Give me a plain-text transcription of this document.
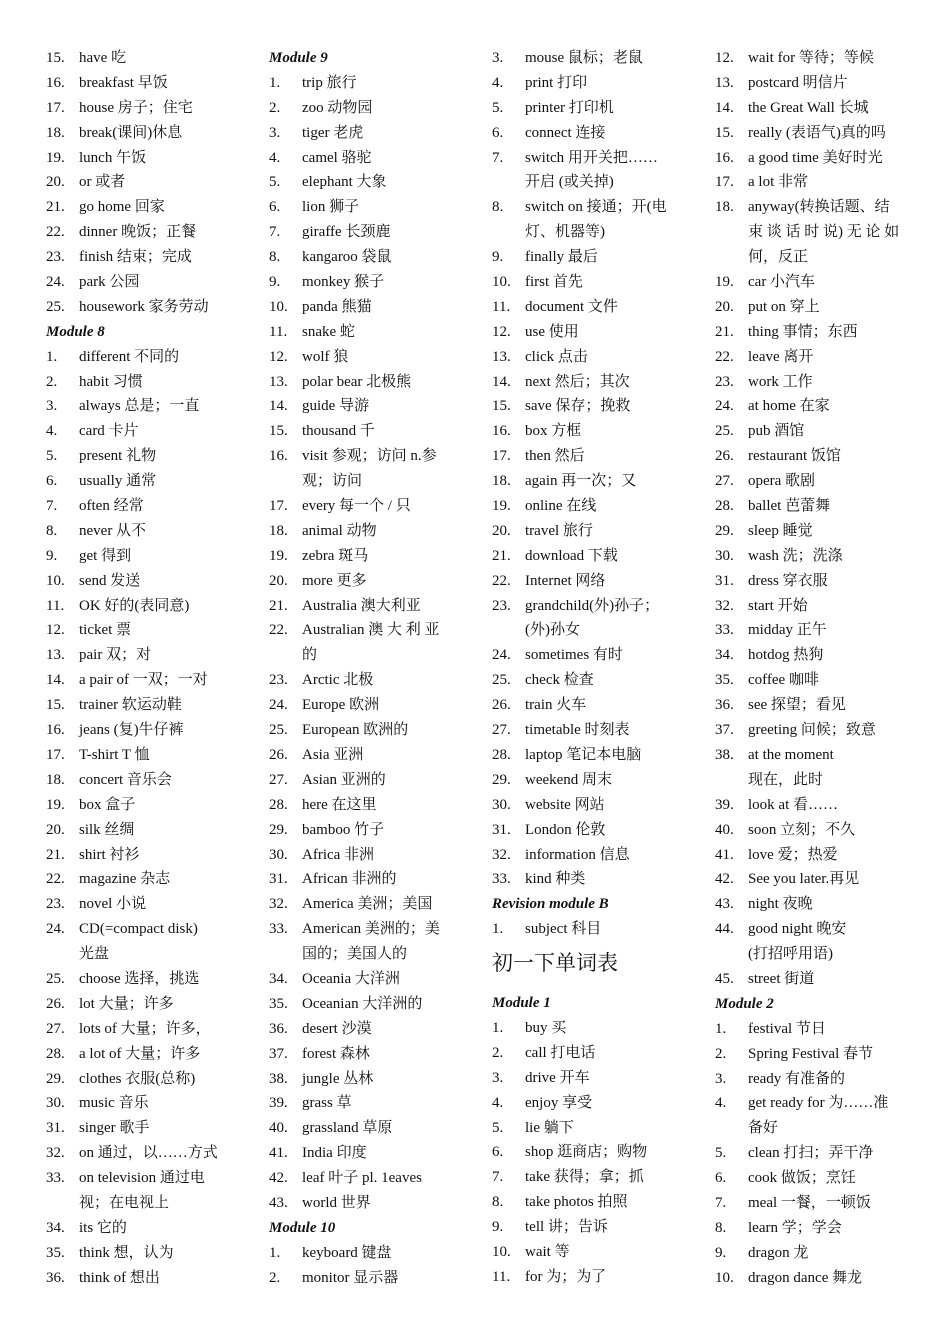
15. have 吃
16. breakfast 早饭
17. house 房子；住宅
18. break(课间)休息
19. lunch 午饭
20. or 或者
21. go home 回家
22. dinner 晚饭；正餐
23. finish 结束；完成
24. park 公园
25. housework 家务劳动
Module 8
1.	different 不同的
2.	habit 习惯
3.	always 总是；一直
4.	card 卡片
5.	present 礼物
6.	usually 通常
7.	often 经常
8.	never 从不
9.	get 得到
10. send 发送
11. OK 好的(表同意)
12. ticket 票
13. pair 双；对
14. a pair of 一双；一对
15. trainer 软运动鞋
16. jeans (复)牛仔裤
17. T-shirt T 恤
18. concert 音乐会
19. box 盒子
20. silk 丝绸
21. shirt 衬衫
22. magazine 杂志
23. novel 小说
24. CD(=compact disk)
光盘
25. choose 选择，挑选
26. lot 大量；许多
27. lots of 大量；许多，
28. a lot of 大量；许多
29. clothes 衣服(总称)
30. music 音乐
31. singer 歌手
32. on 通过，以……方式
33. on television 通过电
视；在电视上
34. its 它的
35. think 想，认为
36. think of 想出
Module 9
1.	trip 旅行
2.	zoo 动物园
3.	tiger 老虎
4.	camel 骆驼
5.	elephant 大象
6.	lion 狮子
7.	giraffe 长颈鹿
8.	kangaroo 袋鼠
9.	monkey 猴子
10. panda 熊猫
11. snake 蛇
12. wolf 狼
13. polar bear 北极熊
14. guide 导游
15. thousand 千
16. visit 参观；访问 n.参
观；访问
17. every 每一个 / 只
18. animal 动物
19. zebra 斑马
20. more 更多
21. Australia 澳大利亚
22. Australian 澳 大 利 亚
的
23. Arctic 北极
24. Europe 欧洲
25. European 欧洲的
26. Asia 亚洲
27. Asian 亚洲的
28. here 在这里
29. bamboo 竹子
30. Africa 非洲
31. African 非洲的
32. America 美洲；美国
33. American 美洲的；美
国的；美国人的
34. Oceania 大洋洲
35. Oceanian 大洋洲的
36. desert 沙漠
37. forest 森林
38. jungle 丛林
39. grass 草
40. grassland 草原
41. India 印度
42. leaf 叶子 pl. 1eaves
43. world 世界
Module 10
1.	keyboard 键盘
2.	monitor 显示器
3.	mouse 鼠标；老鼠
4.	print 打印
5.	printer 打印机
6.	connect 连接
7.	switch 用开关把……
开启 (或关掉)
8.	switch on 接通；开(电
灯、机器等)
9.	finally 最后
10. first 首先
11. document 文件
12. use 使用
13. click 点击
14. next 然后；其次
15. save 保存；挽救
16. box 方框
17. then 然后
18. again 再一次；又
19. online 在线
20. travel 旅行
21. download 下载
22. Internet 网络
23. grandchild(外)孙子；
(外)孙女
24. sometimes 有时
25. check 检查
26. train 火车
27. timetable 时刻表
28. laptop 笔记本电脑
29. weekend 周末
30. website 网站
31. London 伦敦
32. information 信息
33. kind 种类
Revision module B
1.	subject 科目
初一下单词表
Module 1
1.	buy 买
2.	call 打电话
3.	drive 开车
4.	enjoy 享受
5.	lie 躺下
6.	shop 逛商店；购物
7.	take 获得；拿；抓
8.	take photos 拍照
9.	tell 讲；告诉
10. wait 等
11. for 为；为了
12. wait for 等待；等候
13. postcard 明信片
14. the Great Wall 长城
15. really (表语气)真的吗
16. a good time 美好时光
17. a lot 非常
18. anyway(转换话题、结
束 谈 话 时 说) 无 论 如
何，反正
19. car 小汽车
20. put on 穿上
21. thing 事情；东西
22. leave 离开
23. work 工作
24. at home 在家
25. pub 酒馆
26. restaurant 饭馆
27. opera 歌剧
28. ballet 芭蕾舞
29. sleep 睡觉
30. wash 洗；洗涤
31. dress 穿衣服
32. start 开始
33. midday 正午
34. hotdog 热狗
35. coffee 咖啡
36. see 探望；看见
37. greeting 问候；致意
38. at the moment
现在，此时
39. look at 看……
40. soon 立刻；不久
41. love 爱；热爱
42. See you later.再见
43. night 夜晚
44. good night 晚安
(打招呼用语)
45. street 街道
Module 2
1.	festival 节日
2.	Spring Festival 春节
3.	ready 有准备的
4.	get ready for 为……准
备好
5.	clean 打扫；弄干净
6.	cook 做饭；烹饪
7.	meal 一餐，一顿饭
8.	learn 学；学会
9.	dragon 龙
10. dragon dance 舞龙
